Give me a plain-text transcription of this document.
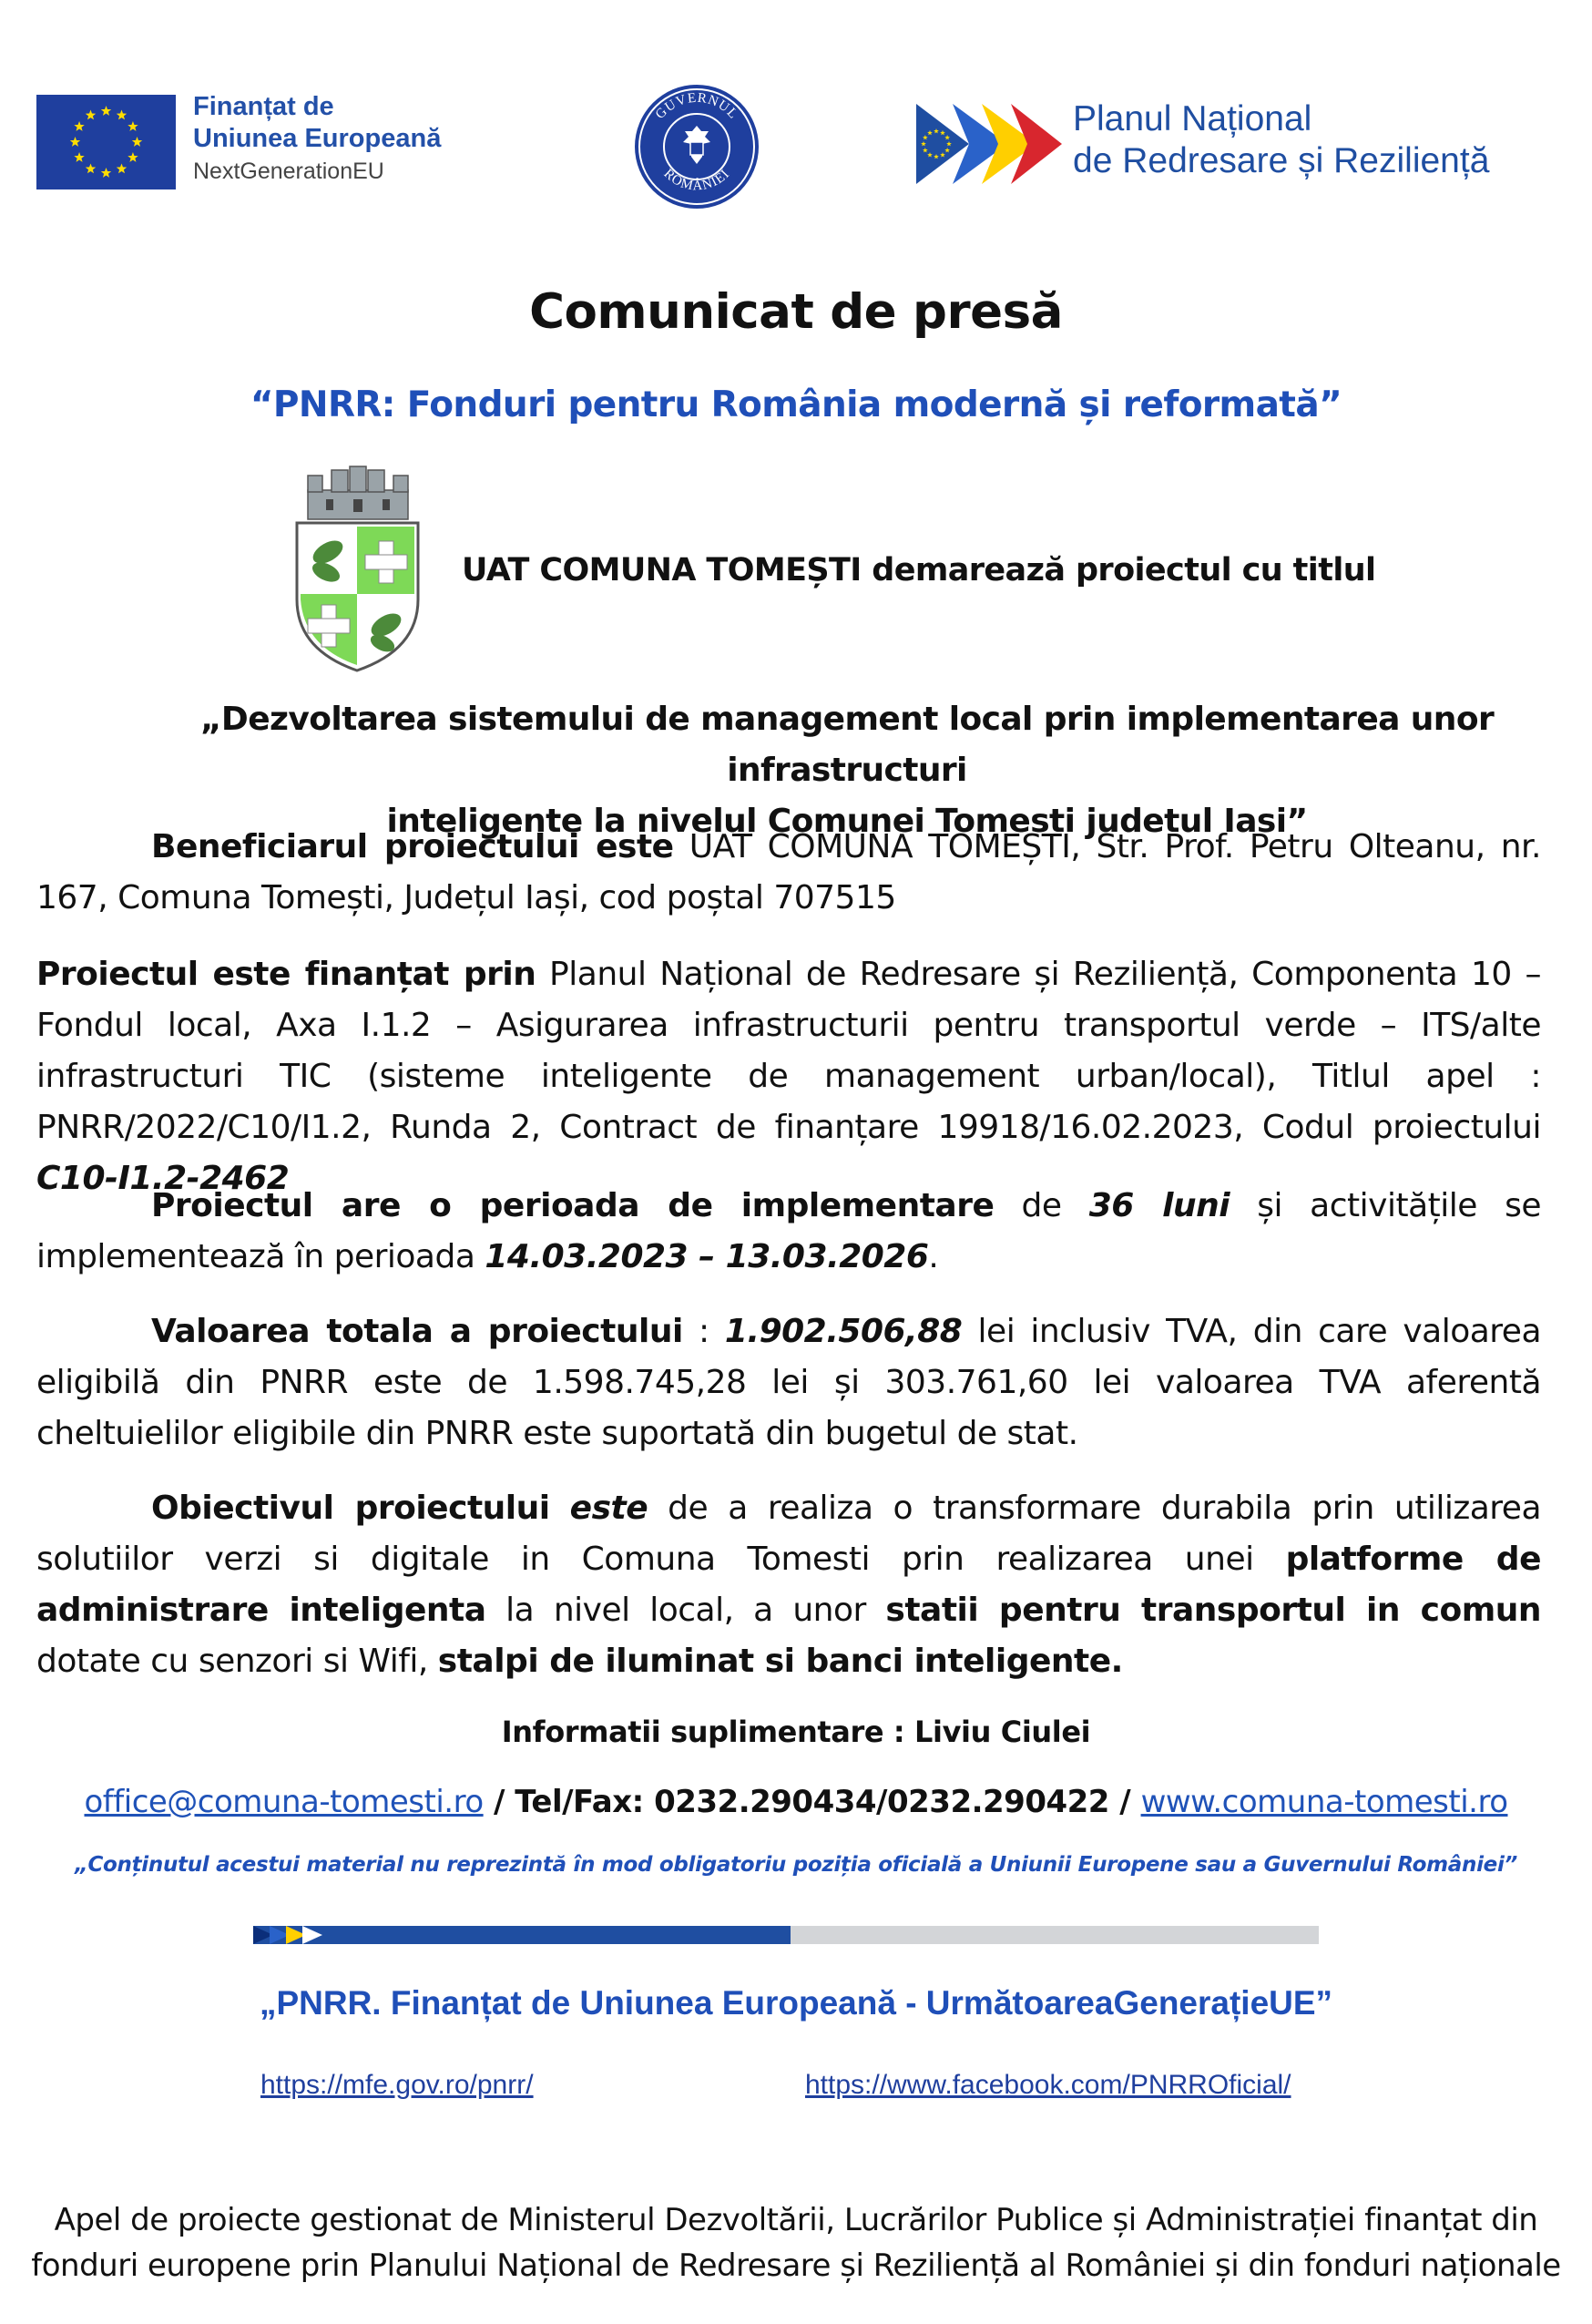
Finanțat de
Uniunea Europeană
NextGenerationEU
GUVERNUL
ROMÂNIEI
Planul Național
de Redresare și Reziliență
Comunicat de presă
“PNRR: Fonduri pentru România modernă și reformată”
UAT COMUNA TOMEȘTI demarează proiectul cu titlul
„Dezvoltarea sistemului de management local prin implementarea unor infrastructuri
inteligente la nivelul Comunei Tomesti judetul Iasi”
Beneficiarul proiectului este UAT COMUNA TOMEȘTI, Str. Prof. Petru Olteanu, nr. 167, Comuna Tomești, Județul Iași, cod poștal 707515
Proiectul este finanțat prin Planul Național de Redresare și Reziliență, Componenta 10 – Fondul local, Axa I.1.2 – Asigurarea infrastructurii pentru transportul verde – ITS/alte infrastructuri TIC (sisteme inteligente de management urban/local), Titlul apel : PNRR/2022/C10/I1.2, Runda 2, Contract de finanțare 19918/16.02.2023, Codul proiectului C10-I1.2-2462
Proiectul are o perioada de implementare de 36 luni și activitățile se implementează în perioada 14.03.2023 – 13.03.2026.
Valoarea totala a proiectului : 1.902.506,88 lei inclusiv TVA, din care valoarea eligibilă din PNRR este de 1.598.745,28 lei și 303.761,60 lei valoarea TVA aferentă cheltuielilor eligibile din PNRR este suportată din bugetul de stat.
Obiectivul proiectului este de a realiza o transformare durabila prin utilizarea solutiilor verzi si digitale in Comuna Tomesti prin realizarea unei platforme de administrare inteligenta la nivel local, a unor statii pentru transportul in comun dotate cu senzori si Wifi, stalpi de iluminat si banci inteligente.
Informatii suplimentare : Liviu Ciulei
office@comuna-tomesti.ro / Tel/Fax: 0232.290434/0232.290422 / www.comuna-tomesti.ro
„Conținutul acestui material nu reprezintă în mod obligatoriu poziția oficială a Uniunii Europene sau a Guvernului României”
„PNRR. Finanțat de Uniunea Europeană - UrmătoareaGenerațieUE”
https://mfe.gov.ro/pnrr/	https://www.facebook.com/PNRROficial/
Apel de proiecte gestionat de Ministerul Dezvoltării, Lucrărilor Publice și Administrației finanțat din
fonduri europene prin Planului Național de Redresare și Reziliență al României și din fonduri naționale
